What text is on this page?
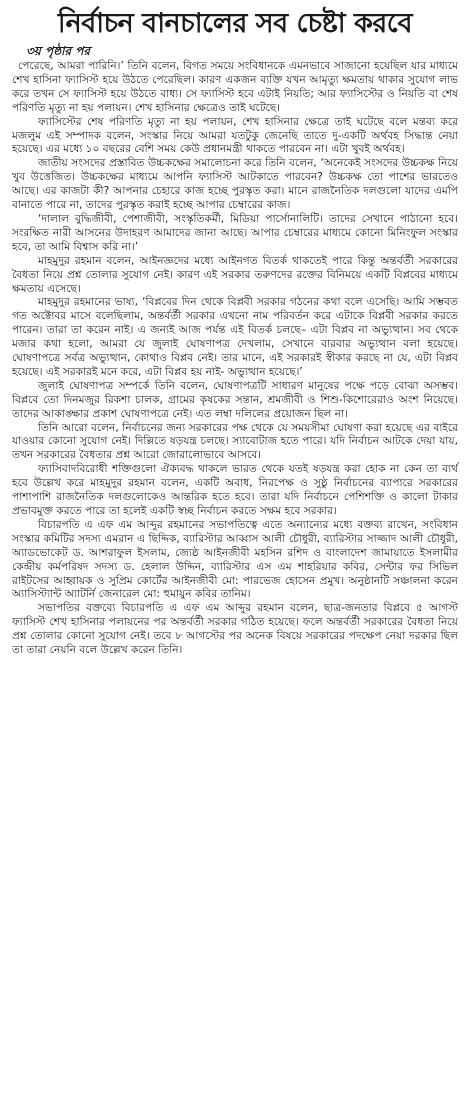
নির্বাচন বানচালের সব চেষ্টা করবে
৩য় পৃষ্ঠার পর

পেরেছে, আমরা পারিনি।’ তিনি বলেন, বিগত সময়ে সংবিধানকে এমনভাবে সাজানো হয়েছিল যার মাধ্যমে শেখ হাসিনা ফ্যাসিস্ট হয়ে উঠতে পেরেছিল। কারণ একজন ব্যক্তি যখন আমৃত্যু ক্ষমতায় থাকার সুযোগ লাভ করে তখন সে ফ্যাসিস্ট হয়ে উঠতে বাধ্য। সে ফ্যাসিস্ট হবে এটাই নিয়তি; আর ফ্যাসিস্টের ও নিয়তি বা শেষ পরিণতি মৃত্যু না হয় পলায়ন। শেখ হাসিনার ক্ষেত্রেও তাই ঘটেছে।

ফ্যাসিস্টের শেষ পরিণতি মৃত্যু না হয় পলায়ন, শেখ হাসিনার ক্ষেত্রে তাই ঘটেছে বলে মন্তব্য করে মজলুম এই সম্পাদক বলেন, সংস্কার নিয়ে আমরা যতটুকু জেনেছি তাতে দু-একটি অর্থবহ সিদ্ধান্ত নেয়া হয়েছে। এর মধ্যে ১০ বছরের বেশি সময় কেউ প্রধানমন্ত্রী থাকতে পারবেন না। এটা খুবই অর্থবহ।

জাতীয় সংসদের প্রস্তাবিত উচ্চকক্ষের সমালোচনা করে তিনি বলেন, ‘অনেকেই সংসদের উচ্চকক্ষ নিয়ে খুব উত্তেজিত। উচ্চকক্ষের মাধ্যমে আপনি ফ্যাসিস্ট আটকাতে পারবেন? উচ্চকক্ষ তো পাশের ভারতেও আছে। এর কাজটা কী? আপনার চেহারে কাজ হচ্ছে পুরস্কৃত করা। মানে রাজনৈতিক দলগুলো যাদের এমপি বানাতে পারে না, তাদের পুরস্কৃত করাই হচ্ছে আপার চেম্বারের কাজ।

‘দালাল বুদ্ধিজীবী, পেশাজীবী, সংস্কৃতিকর্মী, মিডিয়া পার্সোনালিটি। তাদের সেখানে পাঠানো হবে। সংরক্ষিত নারী আসনের উদাহরণ আমাদের জানা আছে। আপার চেম্বারের মাধ্যমে কোনো মিনিংফুল সংস্কার হবে, তা আমি বিশ্বাস করি না।’

মাহমুদুর রহমান বলেন, আইনজ্ঞদের মধ্যে আইনগত বিতর্ক থাকতেই পারে কিন্তু অন্তর্বর্তী সরকারের বৈধতা নিয়ে প্রশ্ন তোলার সুযোগ নেই। কারণ এই সরকার তরুণদের রক্তের বিনিময়ে একটি বিপ্লবের মাধ্যমে ক্ষমতায় এসেছে।

মাহমুদুর রহমানের ভাষ্য, ‘বিপ্লবের দিন থেকে বিপ্লবী সরকার গঠনের কথা বলে এসেছি। আমি সম্ভবত গত অক্টোবর মাসে বলেছিলাম, অন্তর্বর্তী সরকার এখনো নাম পরিবর্তন করে এটাকে বিপ্লবী সরকার করতে পারেন। তারা তা করেন নাই। এ জন্যই আজ পর্যন্ত এই বিতর্ক চলছে– এটা বিপ্লব না অভ্যুত্থান। সব থেকে মজার কথা হলো, আমরা যে জুলাই ঘোষণাপত্র দেখলাম, সেখানে বারবার অভ্যুত্থান বলা হয়েছে। ঘোষণাপত্রে সর্বত্র অভ্যুত্থান, কোথাও বিপ্লব নেই। তার মানে, এই সরকারই স্বীকার করছে না যে, এটা বিপ্লব হয়েছে। এই সরকারই মনে করে, এটা বিপ্লব হয় নাই- অভ্যুত্থান হয়েছে।’

জুলাই ঘোষণাপত্র সম্পর্কে তিনি বলেন, ঘোষণাপত্রটি সাধারণ মানুষের পক্ষে পড়ে বোঝা অসম্ভব। বিপ্লবে তো দিনমজুর রিকশা চালক, গ্রামের কৃষকের সন্তান, শ্রমজীবী ও শিশু-কিশোরেরাও অংশ নিয়েছে। তাদের আকাঙ্ক্ষার প্রকাশ ঘোষণাপত্রে নেই। এত লম্বা দলিলের প্রয়োজন ছিল না।

তিনি আরো বলেন, নির্বাচনের জন্য সরকারের পক্ষ থেকে যে সময়সীমা ঘোষণা করা হয়েছে এর বাইরে যাওয়ার কোনো সুযোগ নেই। দিল্লিতে ষড়যন্ত্র চলছে। স্যাবোটাজ হতে পারে। যদি নির্বাচন আটকে দেয়া যায়, তখন সরকারের বৈধতার প্রশ্ন আরো জোরালোভাবে আসবে।

ফ্যাসিবাদবিরোধী শক্তিগুলো ঐক্যবদ্ধ থাকলে ভারত থেকে যতই ষড়যন্ত্র করা হোক না কেন তা ব্যর্থ হবে উল্লেখ করে মাহমুদুর রহমান বলেন, একটি অবাধ, নিরপেক্ষ ও সুষ্ঠু নির্বাচনের ব্যাপারে সরকারের পাশাপাশি রাজনৈতিক দলগুলোকেও আন্তরিক হতে হবে। তারা যদি নির্বাচনে পেশিশক্তি ও কালো টাকার প্রভাবমুক্ত করতে পারে তা হলেই একটি স্বচ্ছ নির্বাচন করতে সক্ষম হবে সরকার।

বিচারপতি এ এফ এম আব্দুর রহমানের সভাপতিত্বে এতে অন্যান্যের মধ্যে বক্তব্য রাখেন, সংবিধান সংস্কার কমিটির সদস্য এমরান এ ছিদ্দিক, ব্যারিস্টার আব্বাস আলী চৌধুরী, ব্যারিস্টার সাজ্জাদ আলী চৌধুরী, অ্যাডভোকেট ড. আশরাফুল ইসলাম, জ্যেষ্ঠ আইনজীবী মহসিন রশিদ ও বাংলাদেশ জামায়াতে ইসলামীর কেন্দ্রীয় কর্মপরিষদ সদস্য ড. হেলাল উদ্দিন, ব্যারিস্টার এস এম শাহরিয়ার কবির, সেন্টার ফর সিভিল রাইটসের আহ্বায়ক ও সুপ্রিম কোর্টের আইনজীবী মো: পারভেজ হোসেন প্রমুখ। অনুষ্ঠানটি সঞ্চালনা করেন অ্যাসিস্ট্যান্ট অ্যাটর্নি জেনারেল মো: হুমায়ুন কবির তানিম।

সভাপতির বক্তব্যে বিচারপতি এ এফ এম আব্দুর রহমান বলেন, ছাত্র-জনতার বিপ্লবে ৫ আগস্ট ফ্যাসিস্ট শেখ হাসিনার পলায়নের পর অন্তর্বর্তী সরকার গঠিত হয়েছে। ফলে অন্তর্বর্তী সরকারের বৈধতা নিয়ে প্রশ্ন তোলার কোনো সুযোগ নেই। তবে ৮ আগস্টের পর অনেক বিষয়ে সরকারের পদক্ষেপ নেয়া দরকার ছিল তা তারা নেয়নি বলে উল্লেখ করেন তিনি।
